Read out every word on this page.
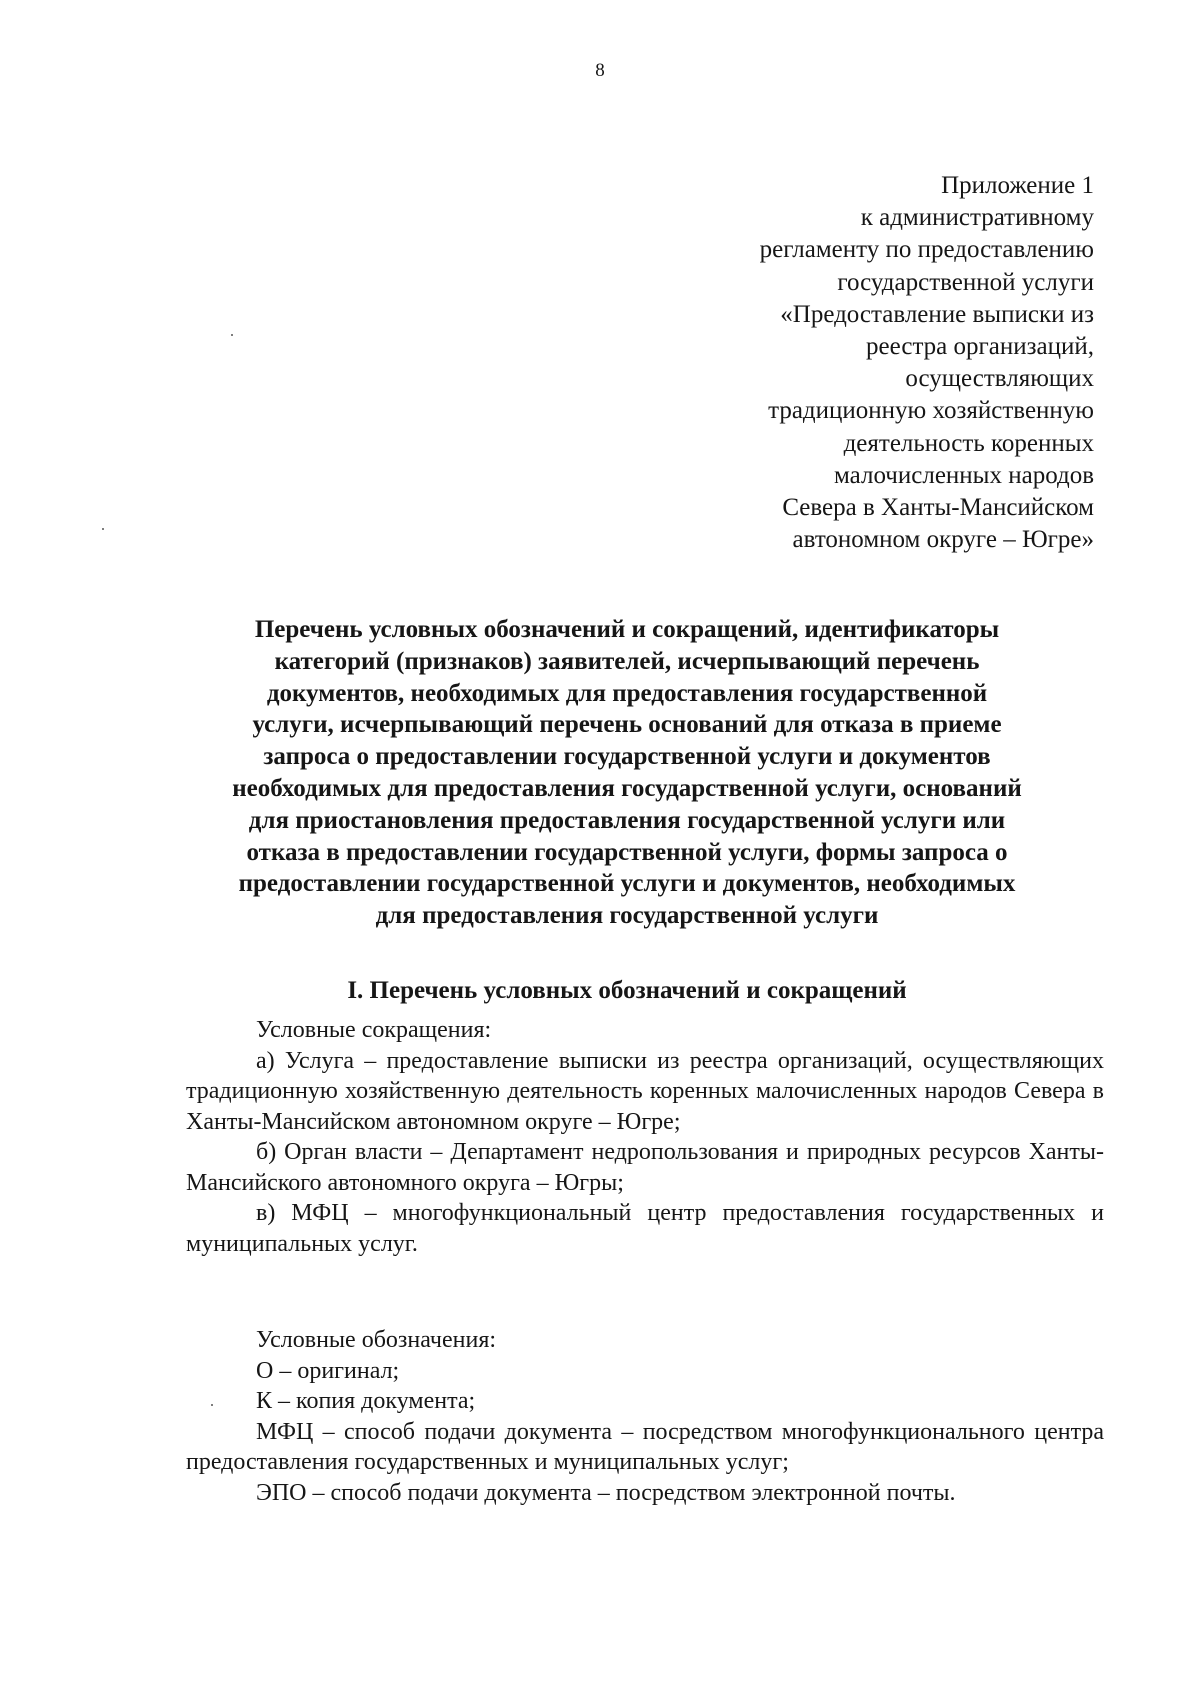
8
Приложение 1
к административному
регламенту по предоставлению
государственной услуги
«Предоставление выписки из
реестра организаций,
осуществляющих
традиционную хозяйственную
деятельность коренных
малочисленных народов
Севера в Ханты-Мансийском
автономном округе – Югре»
Перечень условных обозначений и сокращений, идентификаторы
категорий (признаков) заявителей, исчерпывающий перечень
документов, необходимых для предоставления государственной
услуги, исчерпывающий перечень оснований для отказа в приеме
запроса о предоставлении государственной услуги и документов
необходимых для предоставления государственной услуги, оснований
для приостановления предоставления государственной услуги или
отказа в предоставлении государственной услуги, формы запроса о
предоставлении государственной услуги и документов, необходимых
для предоставления государственной услуги
I. Перечень условных обозначений и сокращений

Условные сокращения:

а) Услуга – предоставление выписки из реестра организаций, осуществляющих традиционную хозяйственную деятельность коренных малочисленных народов Севера в Ханты-Мансийском автономном округе – Югре;

б) Орган власти – Департамент недропользования и природных ресурсов Ханты-Мансийского автономного округа – Югры;

в) МФЦ – многофункциональный центр предоставления государственных и муниципальных услуг.

Условные обозначения:

О – оригинал;

К – копия документа;

МФЦ – способ подачи документа – посредством многофункционального центра предоставления государственных и муниципальных услуг;

ЭПО – способ подачи документа – посредством электронной почты.
